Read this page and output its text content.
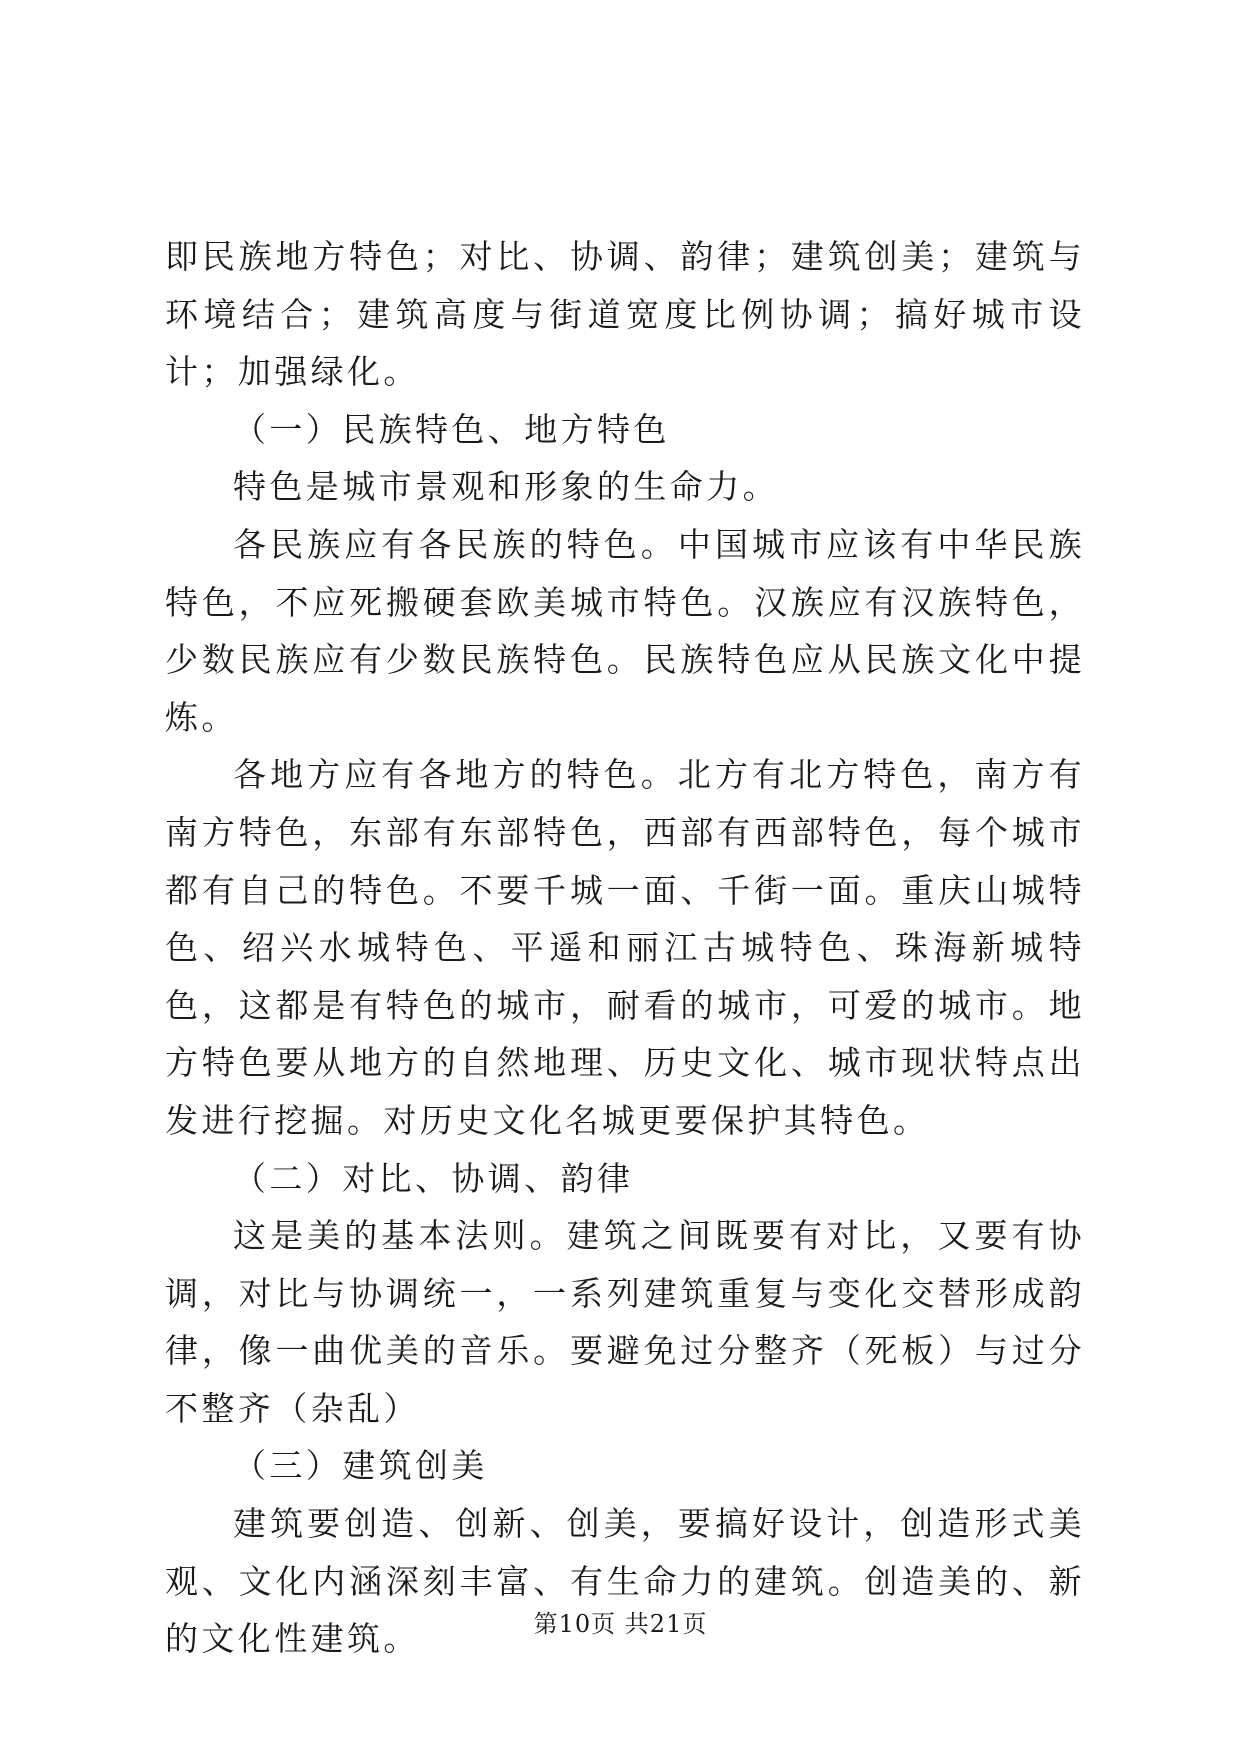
即民族地方特色；对比、协调、韵律；建筑创美；建筑与环境结合；建筑高度与街道宽度比例协调；搞好城市设计；加强绿化。

（一）民族特色、地方特色

特色是城市景观和形象的生命力。

各民族应有各民族的特色。中国城市应该有中华民族特色，不应死搬硬套欧美城市特色。汉族应有汉族特色，少数民族应有少数民族特色。民族特色应从民族文化中提炼。

各地方应有各地方的特色。北方有北方特色，南方有南方特色，东部有东部特色，西部有西部特色，每个城市都有自己的特色。不要千城一面、千街一面。重庆山城特色、绍兴水城特色、平遥和丽江古城特色、珠海新城特色，这都是有特色的城市，耐看的城市，可爱的城市。地方特色要从地方的自然地理、历史文化、城市现状特点出发进行挖掘。对历史文化名城更要保护其特色。

（二）对比、协调、韵律

这是美的基本法则。建筑之间既要有对比，又要有协调，对比与协调统一，一系列建筑重复与变化交替形成韵律，像一曲优美的音乐。要避免过分整齐（死板）与过分不整齐（杂乱）

（三）建筑创美

建筑要创造、创新、创美，要搞好设计，创造形式美观、文化内涵深刻丰富、有生命力的建筑。创造美的、新的文化性建筑。	第10页 共21页
